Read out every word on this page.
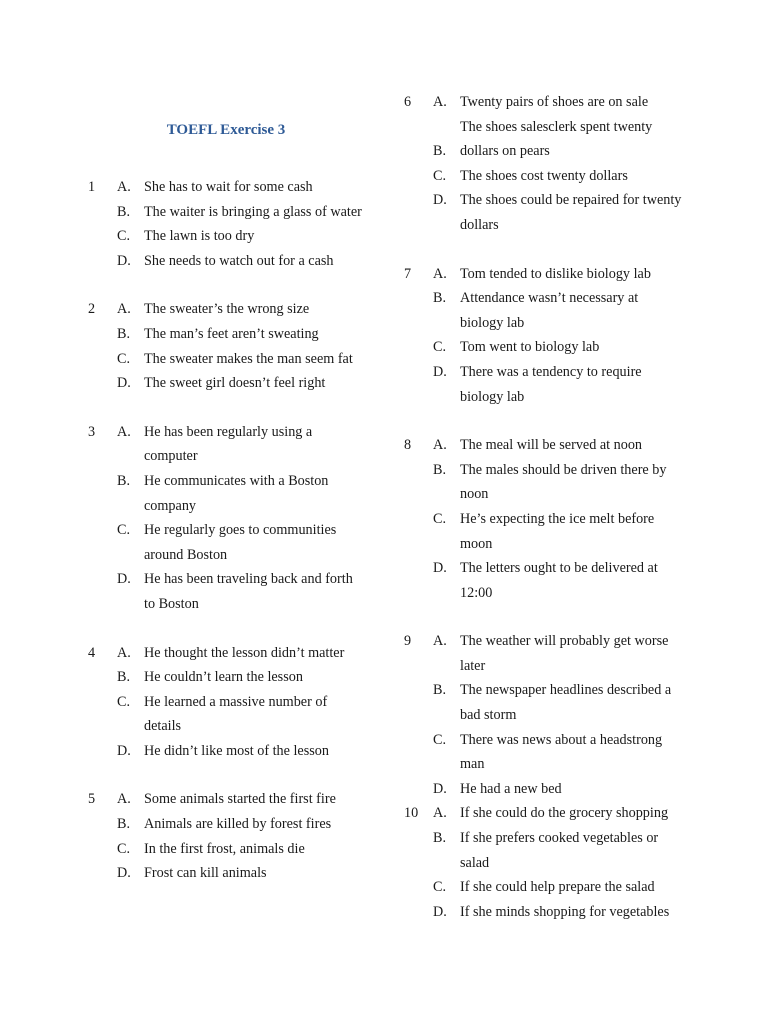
TOEFL Exercise 3
1	A. She has to wait for some cash
B. The waiter is bringing a glass of water
C. The lawn is too dry
D. She needs to watch out for a cash
2	A. The sweater’s the wrong size
B. The man’s feet aren’t sweating
C. The sweater makes the man seem fat
D. The sweet girl doesn’t feel right
3	A. He has been regularly using a computer
B. He communicates with a Boston company
C. He regularly goes to communities around Boston
D. He has been traveling back and forth to Boston
4	A. He thought the lesson didn’t matter
B. He couldn’t learn the lesson
C. He learned a massive number of details
D. He didn’t like most of the lesson
5	A. Some animals started the first fire
B. Animals are killed by forest fires
C. In the first frost, animals die
D. Frost can kill animals
6	A. Twenty pairs of shoes are on sale
The shoes salesclerk spent twenty
B. dollars on pears
C. The shoes cost twenty dollars
D. The shoes could be repaired for twenty dollars
7	A. Tom tended to dislike biology lab
B. Attendance wasn’t necessary at biology lab
C. Tom went to biology lab
D. There was a tendency to require biology lab
8	A. The meal will be served at noon
B. The males should be driven there by noon
C. He’s expecting the ice melt before moon
D. The letters ought to be delivered at 12:00
9	A. The weather will probably get worse later
B. The newspaper headlines described a bad storm
C. There was news about a headstrong man
D. He had a new bed
10	A. If she could do the grocery shopping
B. If she prefers cooked vegetables or salad
C. If she could help prepare the salad
D. If she minds shopping for vegetables
